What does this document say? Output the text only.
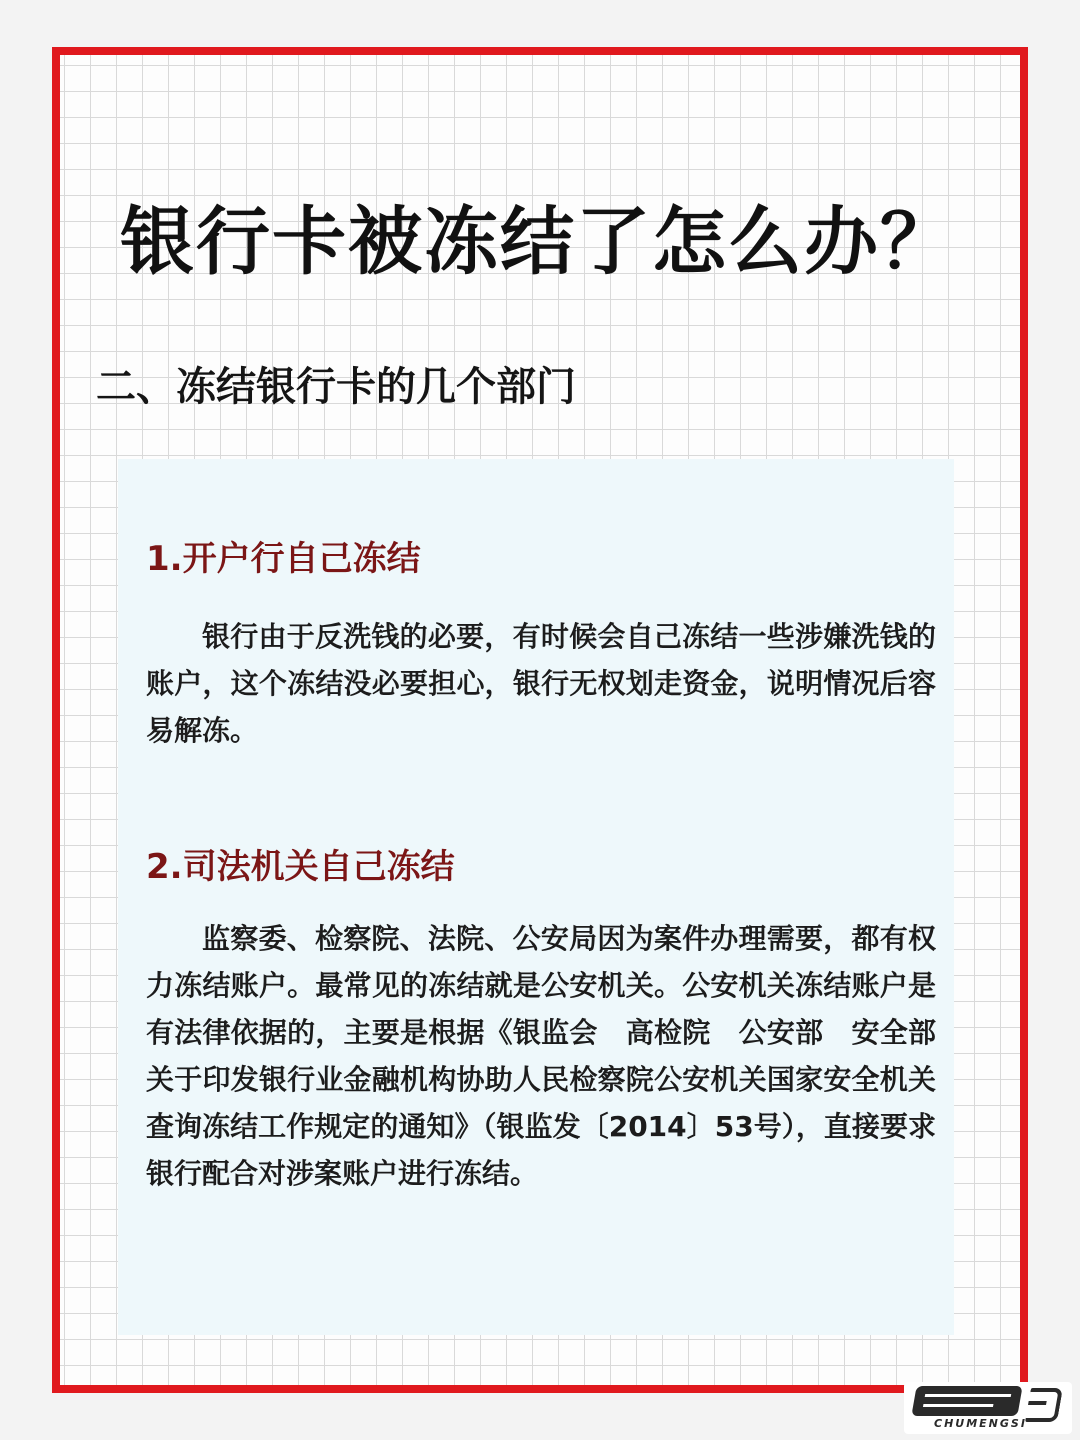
银行卡被冻结了怎么办？
二、冻结银行卡的几个部门
1.开户行自己冻结

银行由于反洗钱的必要，有时候会自己冻结一些涉嫌洗钱的账户，这个冻结没必要担心，银行无权划走资金，说明情况后容易解冻。

2.司法机关自己冻结

监察委、检察院、法院、公安局因为案件办理需要，都有权力冻结账户。最常见的冻结就是公安机关。公安机关冻结账户是有法律依据的，主要是根据《银监会　高检院　公安部　安全部关于印发银行业金融机构协助人民检察院公安机关国家安全机关查询冻结工作规定的通知》（银监发〔2014〕53号），直接要求银行配合对涉案账户进行冻结。

CHUMENGSI
